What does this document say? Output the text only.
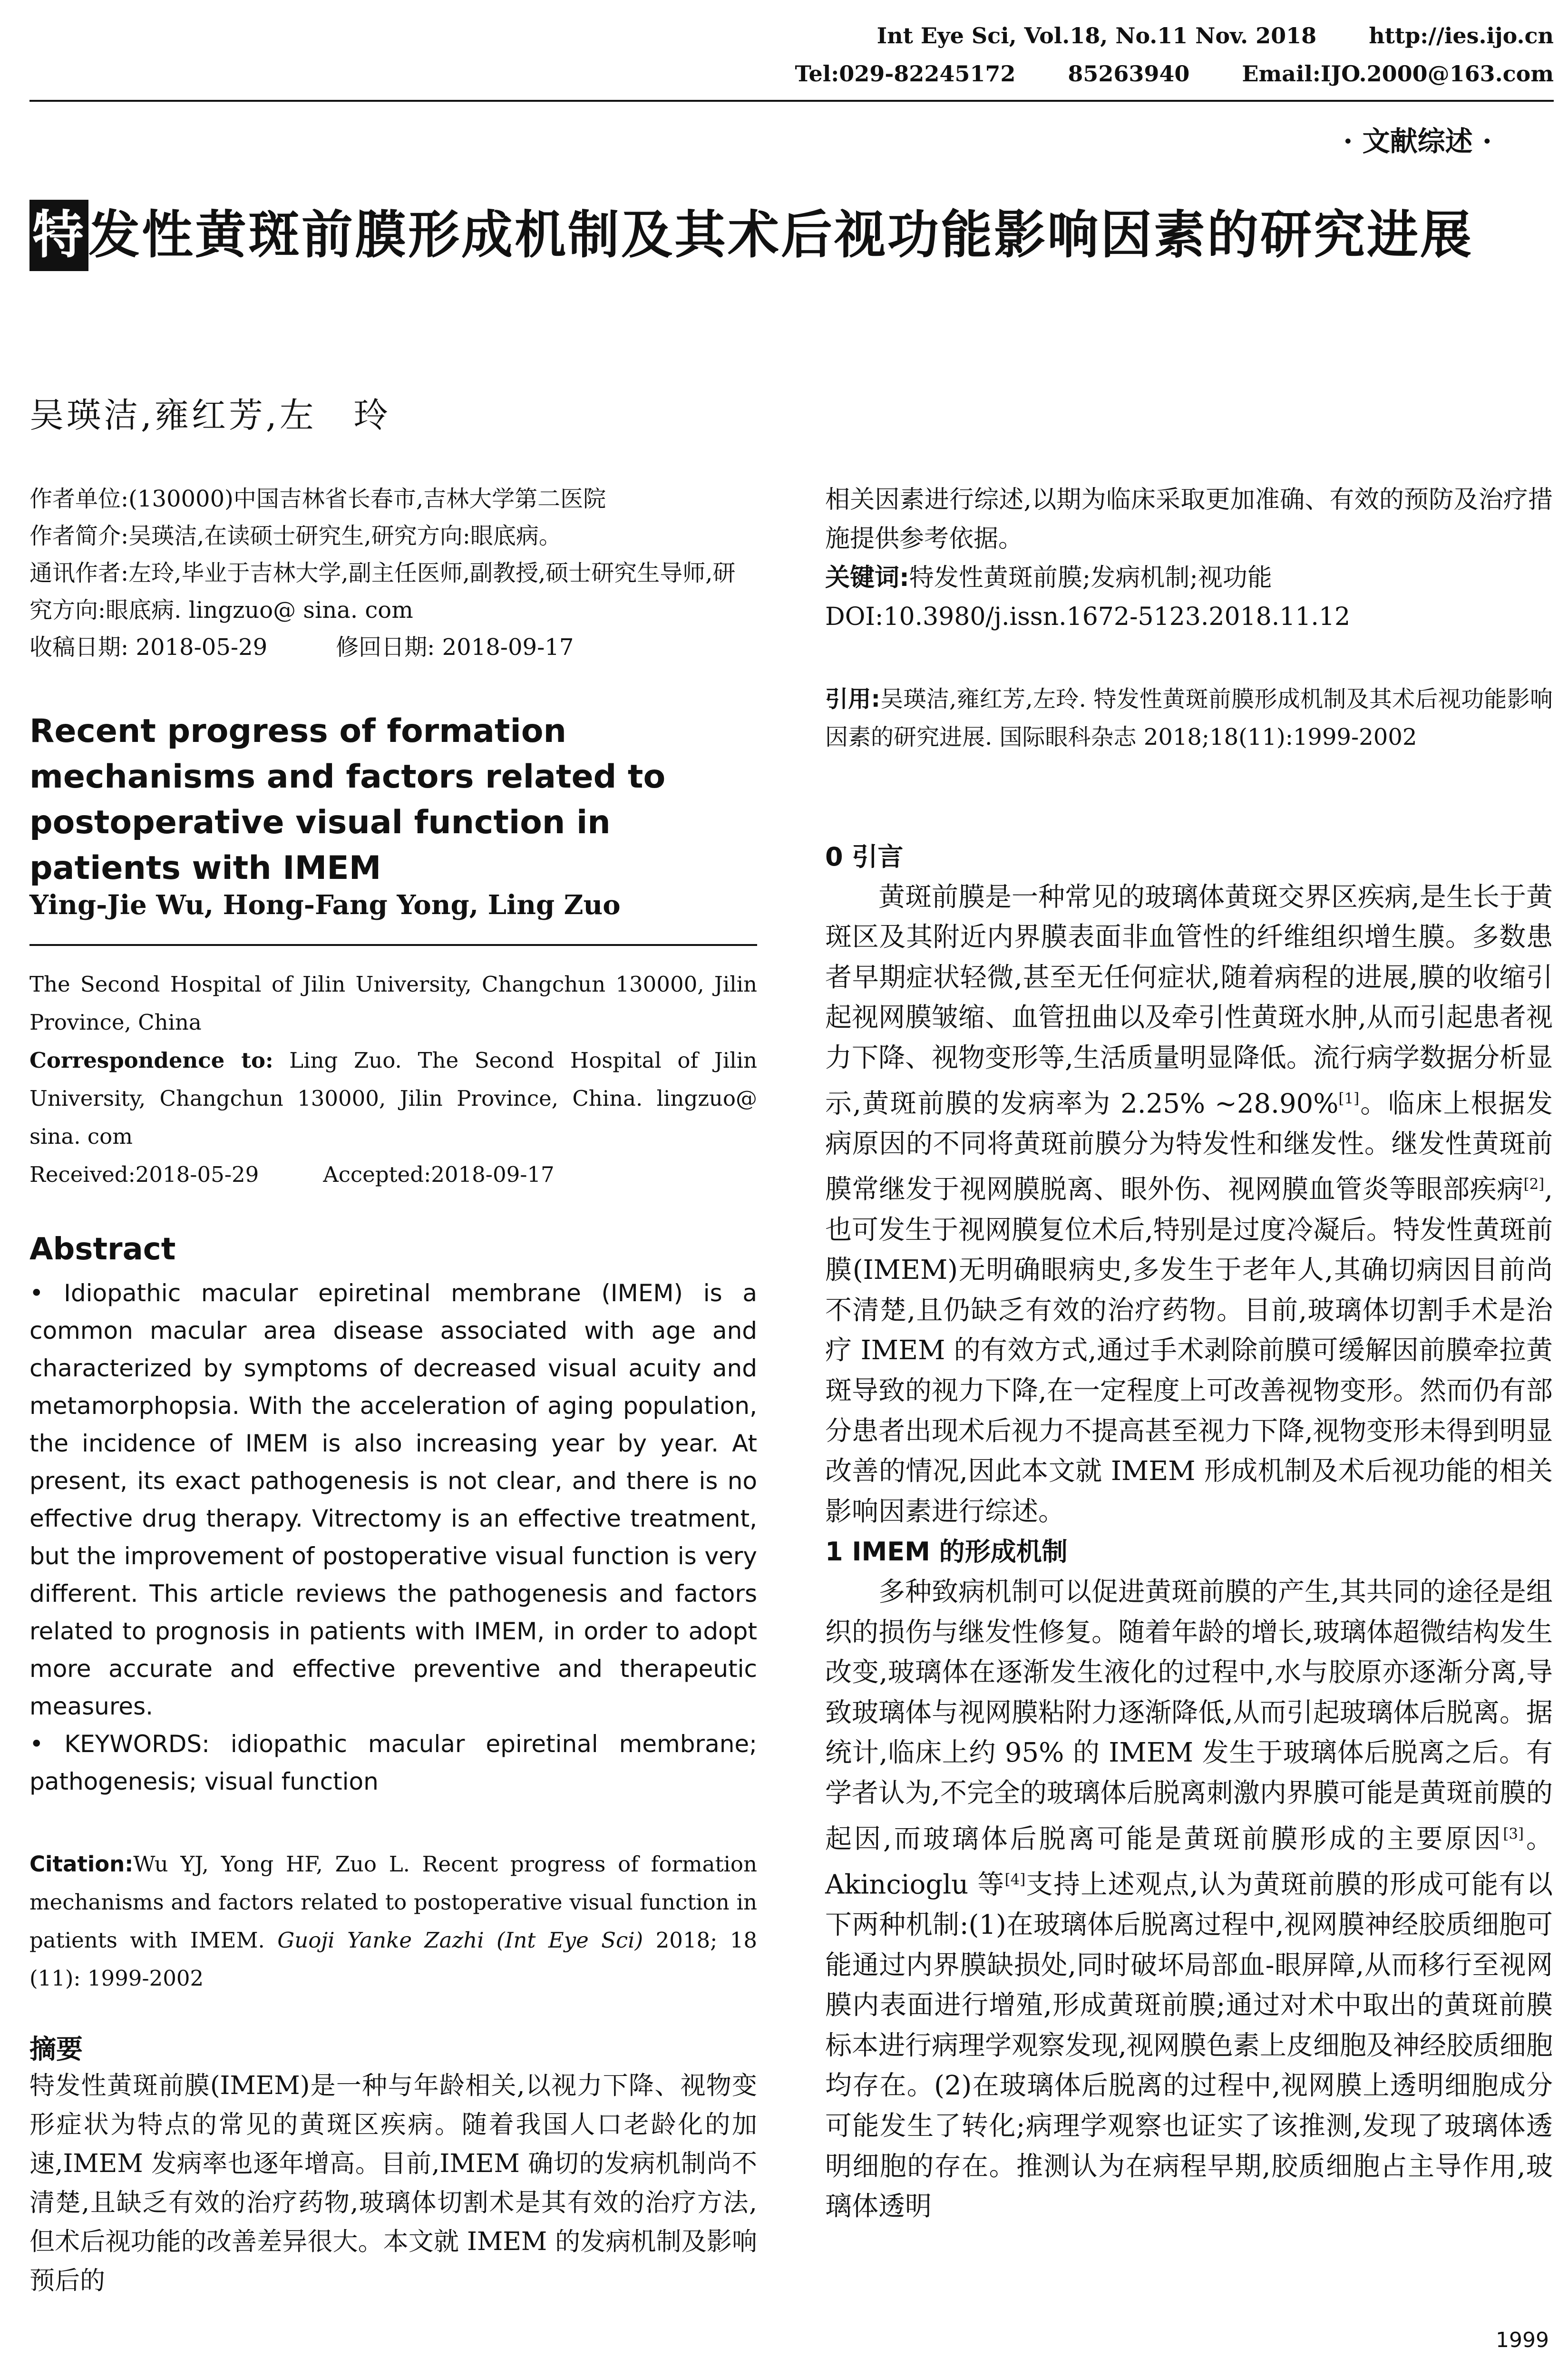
Int Eye Sci, Vol.18, No.11 Nov. 2018 http://ies.ijo.cn
Tel:029-82245172 85263940 Email:IJO.2000@163.com
· 文献综述 ·
特发性黄斑前膜形成机制及其术后视功能影响因素的研究进展
吴瑛洁,雍红芳,左　玲

作者单位:(130000)中国吉林省长春市,吉林大学第二医院

作者简介:吴瑛洁,在读硕士研究生,研究方向:眼底病。

通讯作者:左玲,毕业于吉林大学,副主任医师,副教授,硕士研究生导师,研究方向:眼底病. lingzuo@ sina. com

收稿日期: 2018-05-29　　　修回日期: 2018-09-17

Recent progress of formation mechanisms and factors related to postoperative visual function in patients with IMEM
Ying-Jie Wu, Hong-Fang Yong, Ling Zuo

The Second Hospital of Jilin University, Changchun 130000, Jilin Province, China

Correspondence to: Ling Zuo. The Second Hospital of Jilin University, Changchun 130000, Jilin Province, China. lingzuo@ sina. com

Received:2018-05-29　　　Accepted:2018-09-17

Abstract

• Idiopathic macular epiretinal membrane (IMEM) is a common macular area disease associated with age and characterized by symptoms of decreased visual acuity and metamorphopsia. With the acceleration of aging population, the incidence of IMEM is also increasing year by year. At present, its exact pathogenesis is not clear, and there is no effective drug therapy. Vitrectomy is an effective treatment, but the improvement of postoperative visual function is very different. This article reviews the pathogenesis and factors related to prognosis in patients with IMEM, in order to adopt more accurate and effective preventive and therapeutic measures.

• KEYWORDS: idiopathic macular epiretinal membrane; pathogenesis; visual function

Citation:Wu YJ, Yong HF, Zuo L. Recent progress of formation mechanisms and factors related to postoperative visual function in patients with IMEM. Guoji Yanke Zazhi (Int Eye Sci) 2018; 18 (11): 1999-2002

摘要

特发性黄斑前膜(IMEM)是一种与年龄相关,以视力下降、视物变形症状为特点的常见的黄斑区疾病。随着我国人口老龄化的加速,IMEM 发病率也逐年增高。目前,IMEM 确切的发病机制尚不清楚,且缺乏有效的治疗药物,玻璃体切割术是其有效的治疗方法,但术后视功能的改善差异很大。本文就 IMEM 的发病机制及影响预后的

相关因素进行综述,以期为临床采取更加准确、有效的预防及治疗措施提供参考依据。

关键词:特发性黄斑前膜;发病机制;视功能

DOI:10.3980/j.issn.1672-5123.2018.11.12

引用:吴瑛洁,雍红芳,左玲. 特发性黄斑前膜形成机制及其术后视功能影响因素的研究进展. 国际眼科杂志 2018;18(11):1999-2002

0 引言

黄斑前膜是一种常见的玻璃体黄斑交界区疾病,是生长于黄斑区及其附近内界膜表面非血管性的纤维组织增生膜。多数患者早期症状轻微,甚至无任何症状,随着病程的进展,膜的收缩引起视网膜皱缩、血管扭曲以及牵引性黄斑水肿,从而引起患者视力下降、视物变形等,生活质量明显降低。流行病学数据分析显示,黄斑前膜的发病率为 2.25% ~28.90%[1]。临床上根据发病原因的不同将黄斑前膜分为特发性和继发性。继发性黄斑前膜常继发于视网膜脱离、眼外伤、视网膜血管炎等眼部疾病[2],也可发生于视网膜复位术后,特别是过度冷凝后。特发性黄斑前膜(IMEM)无明确眼病史,多发生于老年人,其确切病因目前尚不清楚,且仍缺乏有效的治疗药物。目前,玻璃体切割手术是治疗 IMEM 的有效方式,通过手术剥除前膜可缓解因前膜牵拉黄斑导致的视力下降,在一定程度上可改善视物变形。然而仍有部分患者出现术后视力不提高甚至视力下降,视物变形未得到明显改善的情况,因此本文就 IMEM 形成机制及术后视功能的相关影响因素进行综述。

1 IMEM 的形成机制

多种致病机制可以促进黄斑前膜的产生,其共同的途径是组织的损伤与继发性修复。随着年龄的增长,玻璃体超微结构发生改变,玻璃体在逐渐发生液化的过程中,水与胶原亦逐渐分离,导致玻璃体与视网膜粘附力逐渐降低,从而引起玻璃体后脱离。据统计,临床上约 95% 的 IMEM 发生于玻璃体后脱离之后。有学者认为,不完全的玻璃体后脱离刺激内界膜可能是黄斑前膜的起因,而玻璃体后脱离可能是黄斑前膜形成的主要原因[3]。Akincioglu 等[4]支持上述观点,认为黄斑前膜的形成可能有以下两种机制:(1)在玻璃体后脱离过程中,视网膜神经胶质细胞可能通过内界膜缺损处,同时破坏局部血-眼屏障,从而移行至视网膜内表面进行增殖,形成黄斑前膜;通过对术中取出的黄斑前膜标本进行病理学观察发现,视网膜色素上皮细胞及神经胶质细胞均存在。(2)在玻璃体后脱离的过程中,视网膜上透明细胞成分可能发生了转化;病理学观察也证实了该推测,发现了玻璃体透明细胞的存在。推测认为在病程早期,胶质细胞占主导作用,玻璃体透明

1999
